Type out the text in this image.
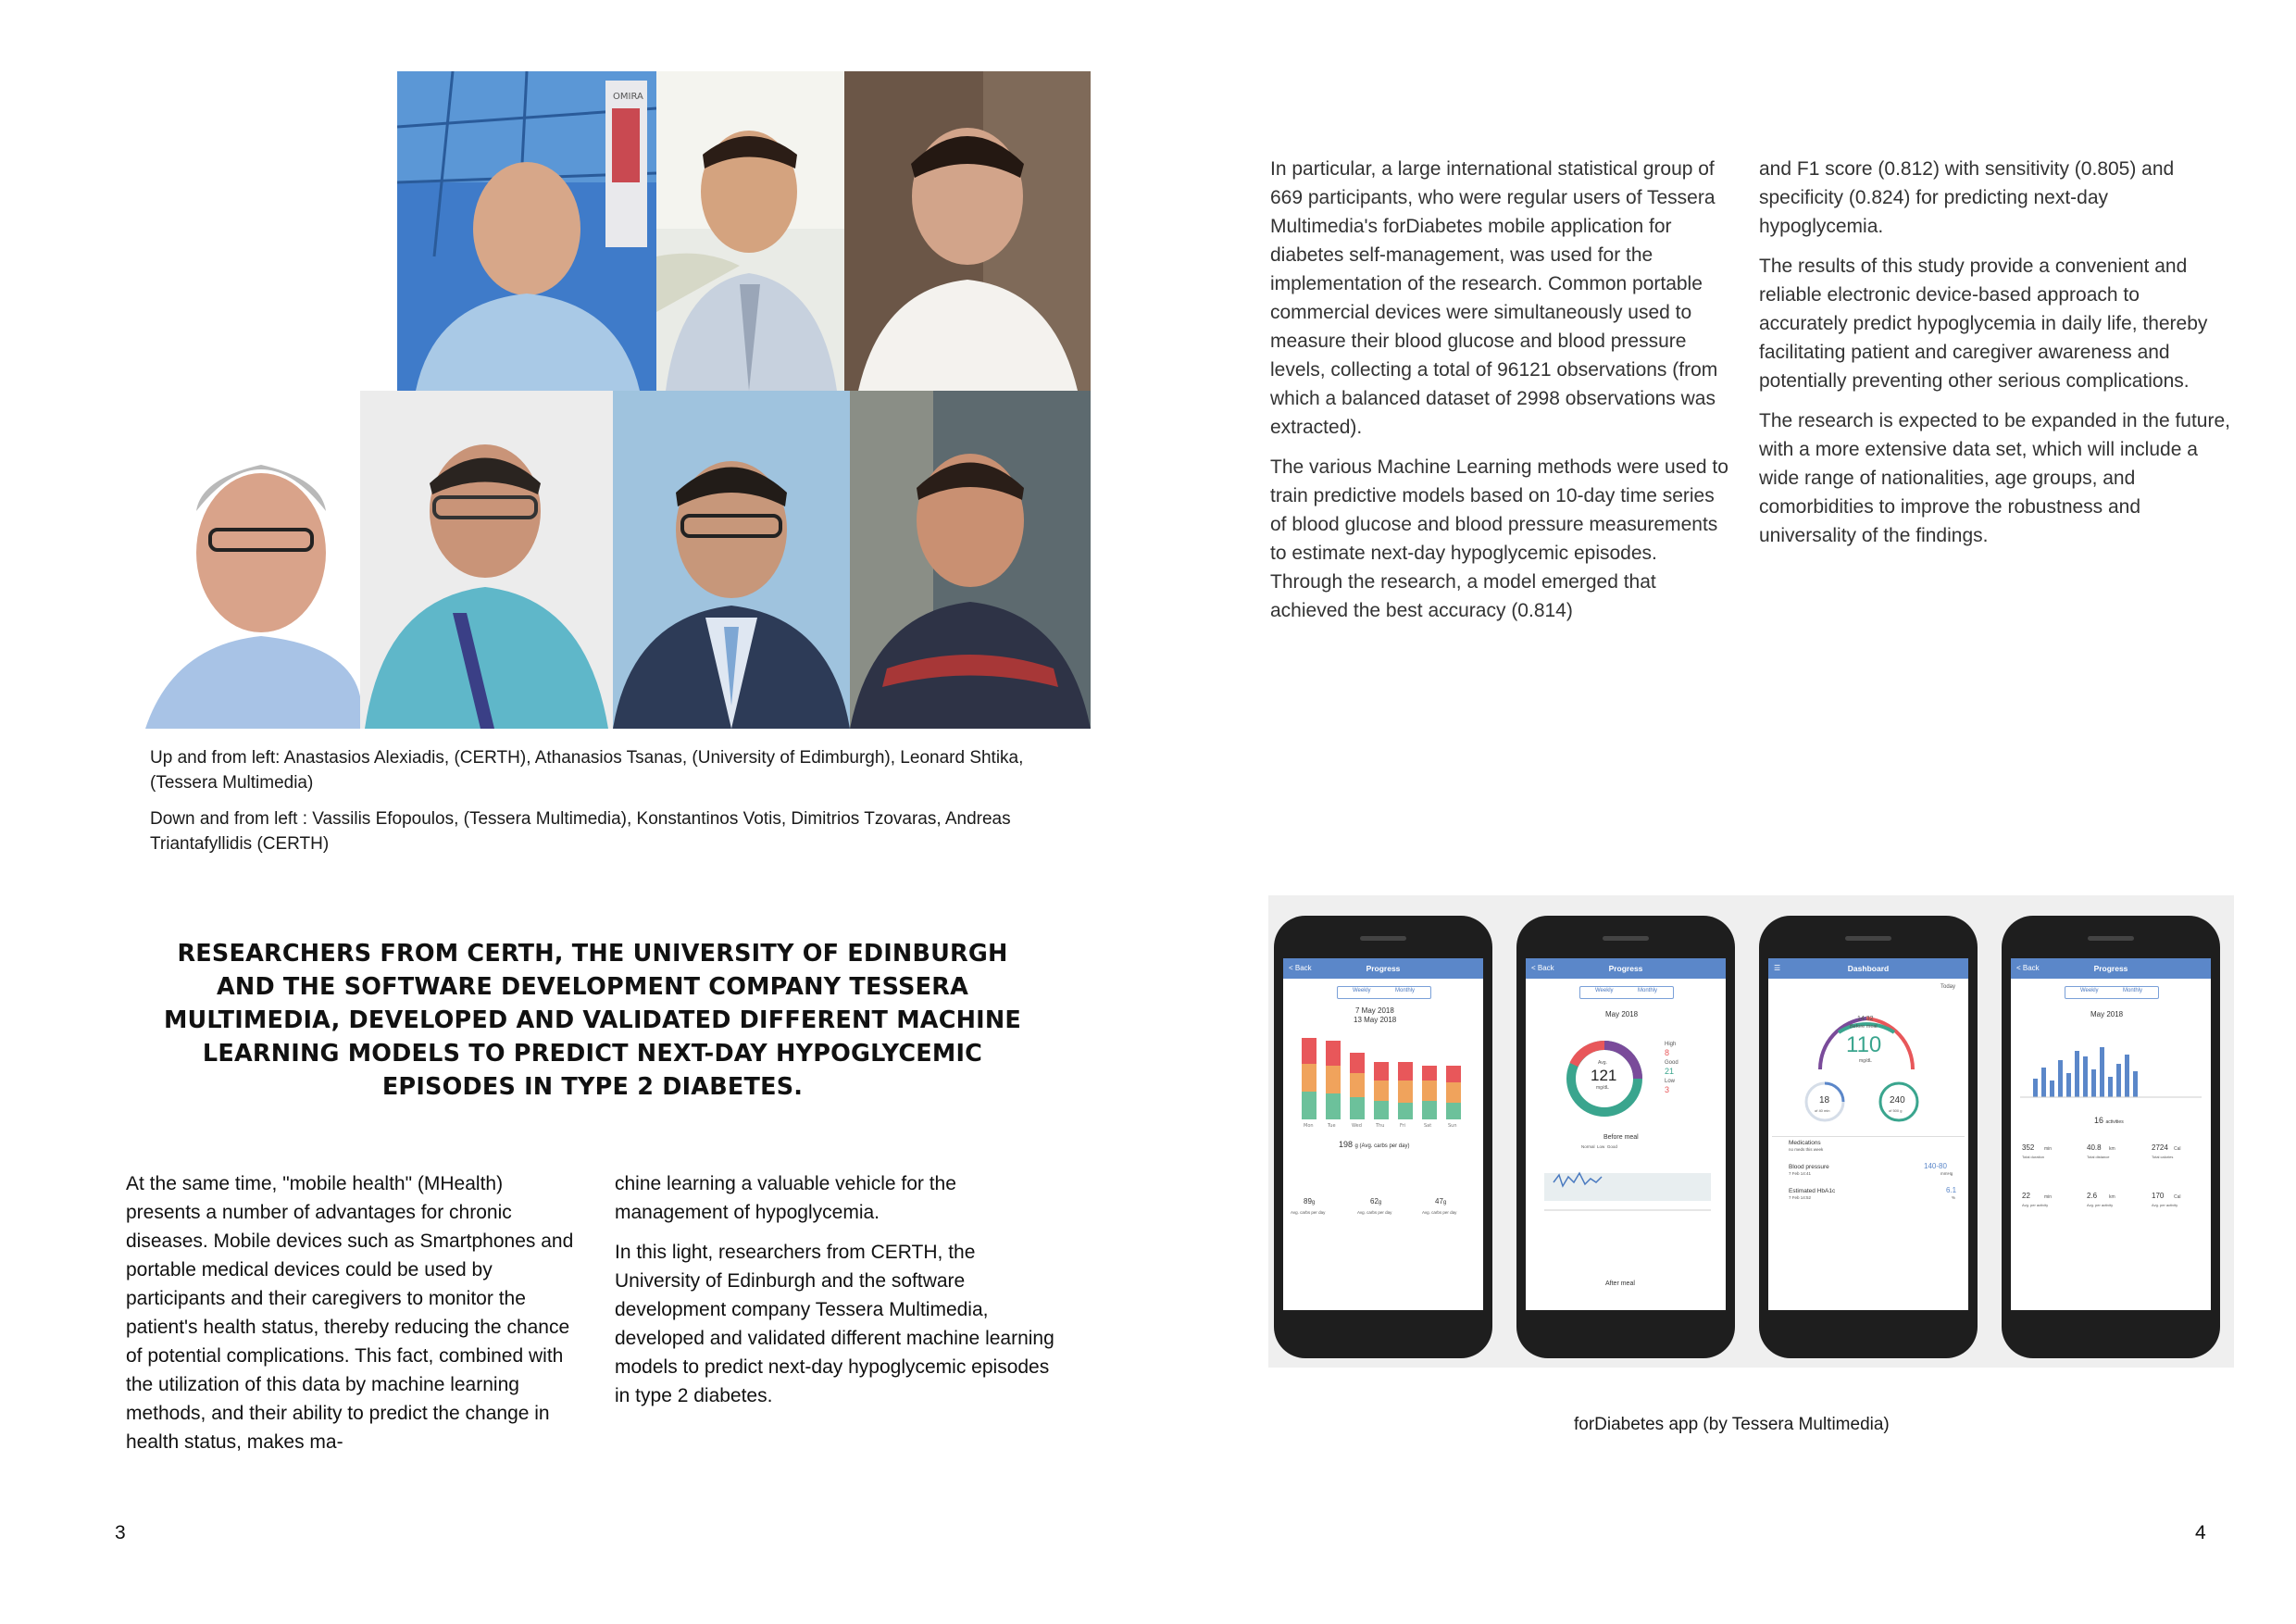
OMIRA

Up and from left: Anastasios Alexiadis, (CERTH), Athanasios Tsanas, (University of Edimburgh), Leonard Shtika, (Tessera Multimedia)

Down and from left : Vassilis Efopoulos, (Tessera Multimedia), Konstantinos Votis, Dimitrios Tzovaras, Andreas Triantafyllidis (CERTH)

RESEARCHERS FROM CERTH, THE UNIVERSITY OF EDINBURGH AND THE SOFTWARE DEVELOPMENT COMPANY TESSERA MULTIMEDIA, DEVELOPED AND VALIDATED DIFFERENT MACHINE LEARNING MODELS TO PREDICT NEXT-DAY HYPOGLYCEMIC EPISODES IN TYPE 2 DIABETES.

At the same time, "mobile health" (MHealth) presents a number of advantages for chronic diseases. Mobile devices such as Smartphones and portable medical devices could be used by participants and their caregivers to monitor the patient's health status, thereby reducing the chance of potential complications. This fact, combined with the utilization of this data by machine learning methods, and their ability to predict the change in health status, makes ma-

chine learning a valuable vehicle for the management of hypoglycemia.

In this light, researchers from CERTH, the University of Edinburgh and the software development company Tessera Multimedia, developed and validated different machine learning models to predict next-day hypoglycemic episodes in type 2 diabetes.

3

In particular, a large international statistical group of 669 participants, who were regular users of Tessera Multimedia's forDiabetes mobile application for diabetes self-management, was used for the implementation of the research. Common portable commercial devices were simultaneously used to measure their blood glucose and blood pressure levels, collecting a total of 96121 observations (from which a balanced dataset of 2998 observations was extracted).

The various Machine Learning methods were used to train predictive models based on 10-day time series of blood glucose and blood pressure measurements to estimate next-day hypoglycemic episodes. Through the research, a model emerged that achieved the best accuracy (0.814)

and F1 score (0.812) with sensitivity (0.805) and specificity (0.824) for predicting next-day hypoglycemia.

The results of this study provide a convenient and reliable electronic device-based approach to accurately predict hypoglycemia in daily life, thereby facilitating patient and caregiver awareness and potentially preventing other serious complications.

The research is expected to be expanded in the future, with a more extensive data set, which will include a wide range of nationalities, age groups, and comorbidities to improve the robustness and universality of the findings.

< Back	Progress
Weekly	Monthly
7 May 2018
13 May 2018
Mon	Tue	Wed	Thu	Fri	Sat	Sun
198 g (Avg. carbs per day)
89g	62g	47g
Avg. carbs per day	Avg. carbs per day	Avg. carbs per day
< Back	Progress
Weekly	Monthly
May 2018
Avg.
121
mg/dL
High
8
Good
21
Low
3
Before meal
Normal Low Good
After meal
☰	Dashboard
Today
14:32
Before meal
110
mg/dL
18
of 40 min
240
of 500 g
Medications
no meds this week
Blood pressure
7 Feb 14:41
140-80
mmHg
Estimated HbA1c
7 Feb 14:52
6.1
%
< Back	Progress
Weekly	Monthly
May 2018
16 activities
352 min
Total duration
40.8 km
Total distance
2724 Cal
Total calories
22	min
Avg. per activity
2.6	km
Avg. per activity
170 Cal
Avg. per activity
forDiabetes app (by Tessera Multimedia)
4
